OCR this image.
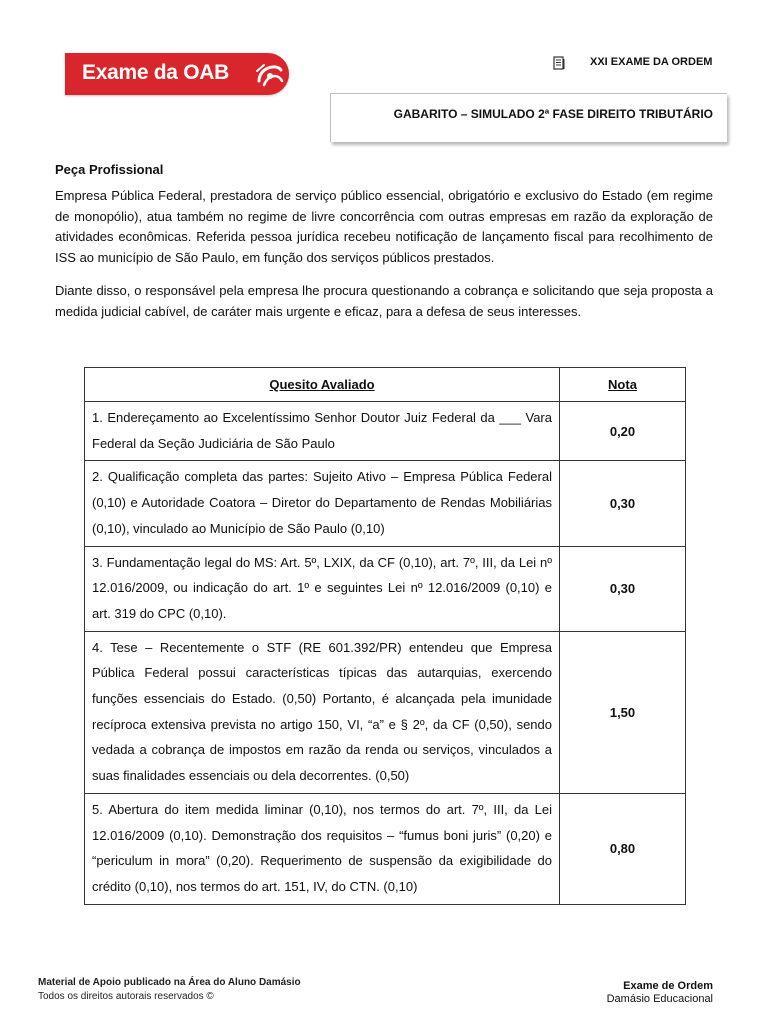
Exame da OAB	XXI EXAME DA ORDEM
GABARITO – SIMULADO 2ª FASE DIREITO TRIBUTÁRIO
Peça Profissional

Empresa Pública Federal, prestadora de serviço público essencial, obrigatório e exclusivo do Estado (em regime de monopólio), atua também no regime de livre concorrência com outras empresas em razão da exploração de atividades econômicas. Referida pessoa jurídica recebeu notificação de lançamento fiscal para recolhimento de ISS ao município de São Paulo, em função dos serviços públicos prestados.

Diante disso, o responsável pela empresa lhe procura questionando a cobrança e solicitando que seja proposta a medida judicial cabível, de caráter mais urgente e eficaz, para a defesa de seus interesses.

Quesito Avaliado	Nota
1. Endereçamento ao Excelentíssimo Senhor Doutor Juiz Federal da ___ Vara Federal da Seção Judiciária de São Paulo	0,20
2. Qualificação completa das partes: Sujeito Ativo – Empresa Pública Federal (0,10) e Autoridade Coatora – Diretor do Departamento de Rendas Mobiliárias (0,10), vinculado ao Município de São Paulo (0,10)	0,30
3. Fundamentação legal do MS: Art. 5º, LXIX, da CF (0,10), art. 7º, III, da Lei nº 12.016/2009, ou indicação do art. 1º e seguintes Lei nº 12.016/2009 (0,10) e art. 319 do CPC (0,10).	0,30
4. Tese – Recentemente o STF (RE 601.392/PR) entendeu que Empresa Pública Federal possui características típicas das autarquias, exercendo funções essenciais do Estado. (0,50) Portanto, é alcançada pela imunidade recíproca extensiva prevista no artigo 150, VI, “a” e § 2º, da CF (0,50), sendo vedada a cobrança de impostos em razão da renda ou serviços, vinculados a suas finalidades essenciais ou dela decorrentes. (0,50)	1,50
5. Abertura do item medida liminar (0,10), nos termos do art. 7º, III, da Lei 12.016/2009 (0,10). Demonstração dos requisitos – “fumus boni juris” (0,20) e “periculum in mora” (0,20). Requerimento de suspensão da exigibilidade do crédito (0,10), nos termos do art. 151, IV, do CTN. (0,10)	0,80
Material de Apoio publicado na Área do Aluno Damásio
Todos os direitos autorais reservados ©
Exame de Ordem
Damásio Educacional
